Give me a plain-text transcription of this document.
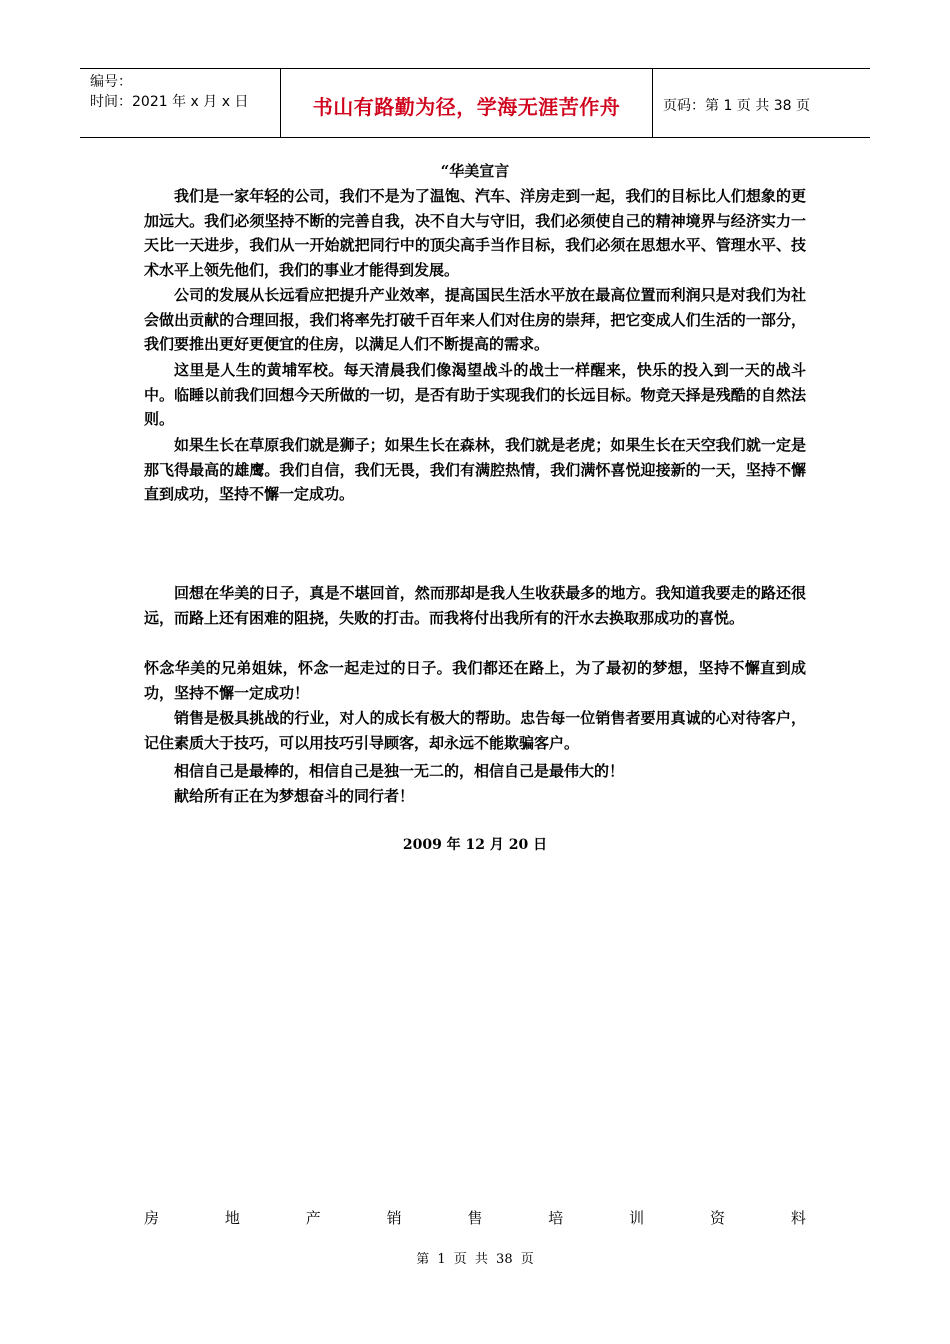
编号：
时间：2021 年 x 月 x 日	书山有路勤为径，学海无涯苦作舟	页码：第 1 页 共 38 页
“华美宣言

我们是一家年轻的公司，我们不是为了温饱、汽车、洋房走到一起，我们的目标比人们想象的更加远大。我们必须坚持不断的完善自我，决不自大与守旧，我们必须使自己的精神境界与经济实力一天比一天进步，我们从一开始就把同行中的顶尖高手当作目标，我们必须在思想水平、管理水平、技术水平上领先他们，我们的事业才能得到发展。

公司的发展从长远看应把提升产业效率，提高国民生活水平放在最高位置而利润只是对我们为社会做出贡献的合理回报，我们将率先打破千百年来人们对住房的崇拜，把它变成人们生活的一部分，我们要推出更好更便宜的住房，以满足人们不断提高的需求。

这里是人生的黄埔军校。每天清晨我们像渴望战斗的战士一样醒来，快乐的投入到一天的战斗中。临睡以前我们回想今天所做的一切，是否有助于实现我们的长远目标。物竞天择是残酷的自然法则。

如果生长在草原我们就是狮子；如果生长在森林，我们就是老虎；如果生长在天空我们就一定是那飞得最高的雄鹰。我们自信，我们无畏，我们有满腔热情，我们满怀喜悦迎接新的一天，坚持不懈直到成功，坚持不懈一定成功。

回想在华美的日子，真是不堪回首，然而那却是我人生收获最多的地方。我知道我要走的路还很远，而路上还有困难的阻挠，失败的打击。而我将付出我所有的汗水去换取那成功的喜悦。

怀念华美的兄弟姐妹，怀念一起走过的日子。我们都还在路上，为了最初的梦想，坚持不懈直到成功，坚持不懈一定成功！

销售是极具挑战的行业，对人的成长有极大的帮助。忠告每一位销售者要用真诚的心对待客户，记住素质大于技巧，可以用技巧引导顾客，却永远不能欺骗客户。

相信自己是最棒的，相信自己是独一无二的，相信自己是最伟大的！

献给所有正在为梦想奋斗的同行者！

2009 年 12 月 20 日
房	地	产	销	售	培	训	资	料
第 1 页 共 38 页
